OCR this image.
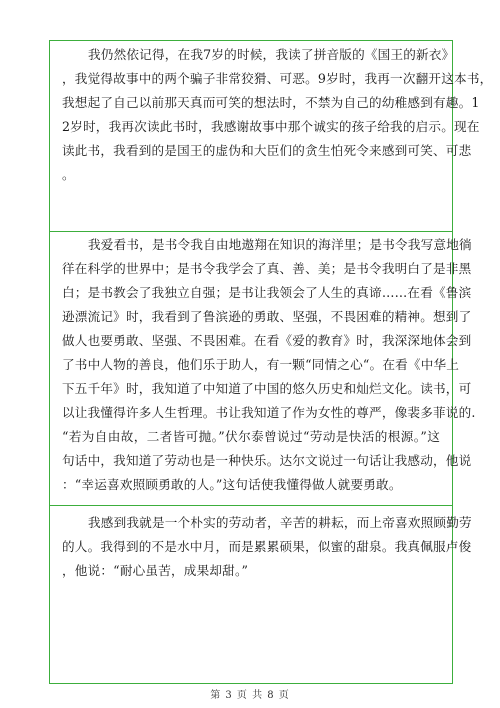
我仍然依记得，在我7岁的时候，我读了拼音版的《国王的新衣》
，我觉得故事中的两个骗子非常狡猾、可恶。9岁时，我再一次翻开这本书，
我想起了自己以前那天真而可笑的想法时，不禁为自己的幼稚感到有趣。1
2岁时，我再次读此书时，我感谢故事中那个诚实的孩子给我的启示。现在
读此书，我看到的是国王的虚伪和大臣们的贪生怕死令来感到可笑、可悲
。
我爱看书，是书令我自由地遨翔在知识的海洋里；是书令我写意地徜
徉在科学的世界中；是书令我学会了真、善、美；是书令我明白了是非黑
白；是书教会了我独立自强；是书让我领会了人生的真谛……在看《鲁滨
逊漂流记》时，我看到了鲁滨逊的勇敢、坚强，不畏困难的精神。想到了
做人也要勇敢、坚强、不畏困难。在看《爱的教育》时，我深深地体会到
了书中人物的善良，他们乐于助人，有一颗“同情之心“。在看《中华上
下五千年》时，我知道了中知道了中国的悠久历史和灿烂文化。读书，可
以让我懂得许多人生哲理。书让我知道了作为女性的尊严，像裴多菲说的.
“若为自由故，二者皆可抛。”伏尔泰曾说过“劳动是快活的根源。”这
句话中，我知道了劳动也是一种快乐。达尔文说过一句话让我感动，他说
：“幸运喜欢照顾勇敢的人。”这句话使我懂得做人就要勇敢。
我感到我就是一个朴实的劳动者，辛苦的耕耘，而上帝喜欢照顾勤劳
的人。我得到的不是水中月，而是累累硕果，似蜜的甜泉。我真佩服卢俊
，他说：“耐心虽苦，成果却甜。”
第 3 页 共 8 页
